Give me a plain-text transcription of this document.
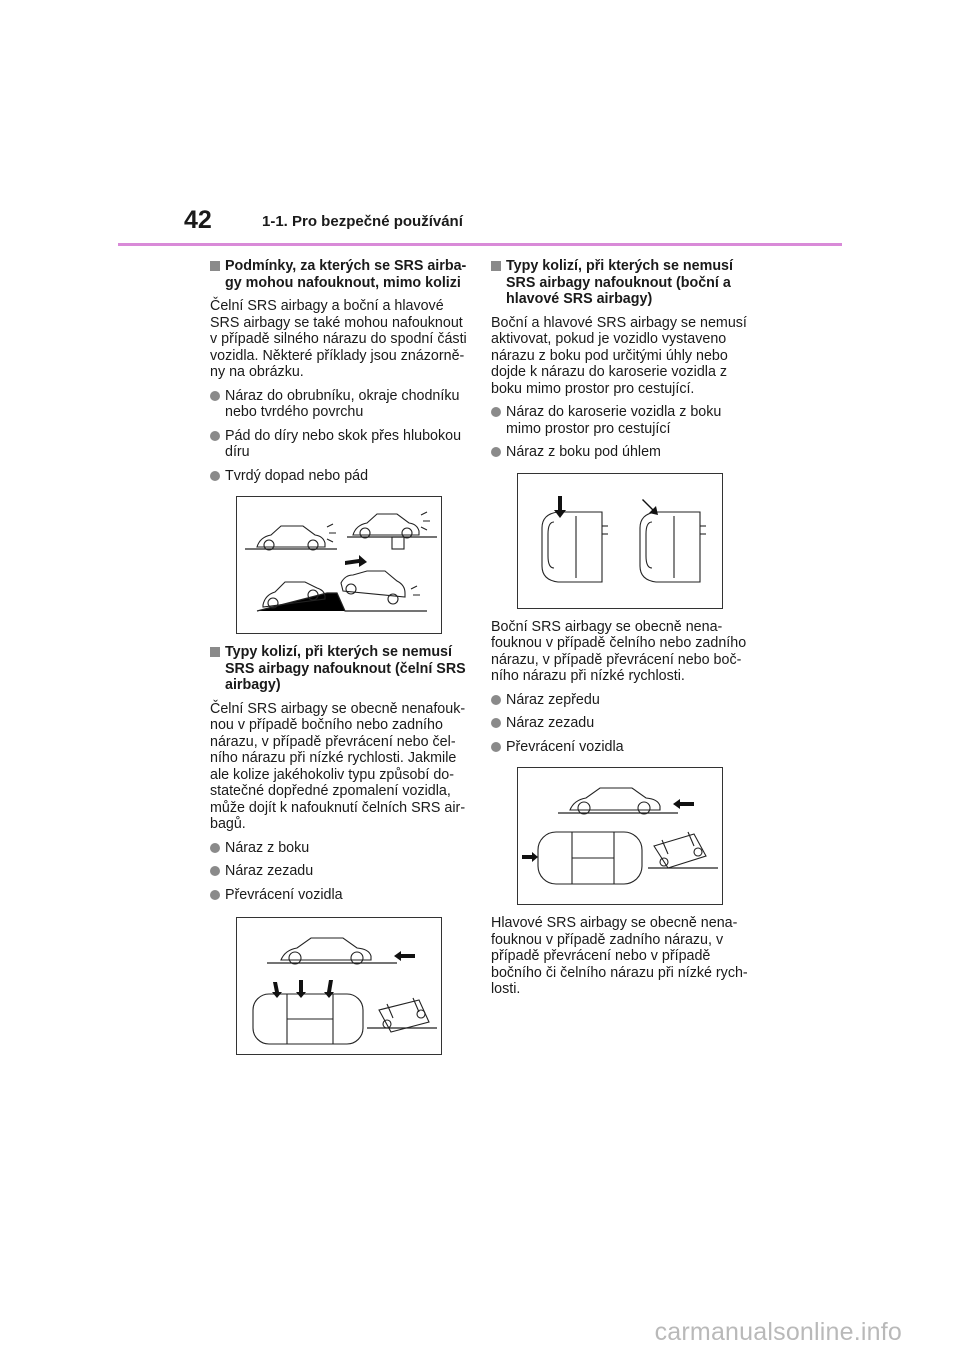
42	1-1. Pro bezpečné používání
Podmínky, za kterých se SRS airba-gy mohou nafouknout, mimo kolizi

Čelní SRS airbagy a boční a hlavové SRS airbagy se také mohou nafouknout v případě silného nárazu do spodní části vozidla. Některé příklady jsou znázorně-ny na obrázku.

Náraz do obrubníku, okraje chodníku nebo tvrdého povrchu
Pád do díry nebo skok přes hlubokou díru
Tvrdý dopad nebo pád
Typy kolizí, při kterých se nemusí SRS airbagy nafouknout (čelní SRS airbagy)

Čelní SRS airbagy se obecně nenafouk-nou v případě bočního nebo zadního nárazu, v případě převrácení nebo čel-ního nárazu při nízké rychlosti. Jakmile ale kolize jakéhokoliv typu způsobí do-statečné dopředné zpomalení vozidla, může dojít k nafouknutí čelních SRS air-bagů.

Náraz z boku
Náraz zezadu
Převrácení vozidla
Typy kolizí, při kterých se nemusí SRS airbagy nafouknout (boční a hlavové SRS airbagy)

Boční a hlavové SRS airbagy se nemusí aktivovat, pokud je vozidlo vystaveno nárazu z boku pod určitými úhly nebo dojde k nárazu do karoserie vozidla z boku mimo prostor pro cestující.

Náraz do karoserie vozidla z boku mimo prostor pro cestující
Náraz z boku pod úhlem

Boční SRS airbagy se obecně nena-fouknou v případě čelního nebo zadního nárazu, v případě převrácení nebo boč-ního nárazu při nízké rychlosti.

Náraz zepředu
Náraz zezadu
Převrácení vozidla

Hlavové SRS airbagy se obecně nena-fouknou v případě zadního nárazu, v případě převrácení nebo v případě bočního či čelního nárazu při nízké rych-losti.

carmanualsonline.info
